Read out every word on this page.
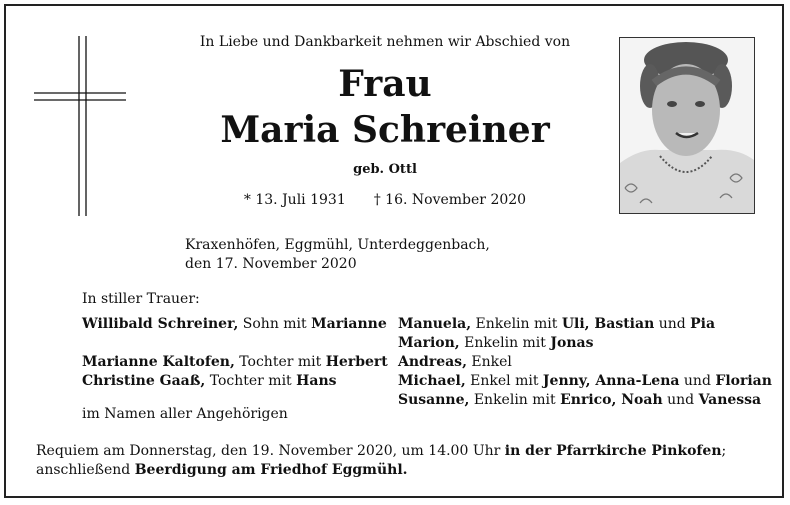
In Liebe und Dankbarkeit nehmen wir Abschied von
Frau
Maria Schreiner
geb. Ottl
* 13. Juli 1931 † 16. November 2020
Kraxenhöfen, Eggmühl, Unterdeggenbach,
den 17. November 2020
In stiller Trauer:
Willibald Schreiner, Sohn mit Marianne
Marianne Kaltofen, Tochter mit Herbert
Christine Gaaß, Tochter mit Hans
Manuela, Enkelin mit Uli, Bastian und Pia
Marion, Enkelin mit Jonas
Andreas, Enkel
Michael, Enkel mit Jenny, Anna-Lena und Florian
Susanne, Enkelin mit Enrico, Noah und Vanessa
im Namen aller Angehörigen
Requiem am Donnerstag, den 19. November 2020, um 14.00 Uhr in der Pfarrkirche Pinkofen;
anschließend Beerdigung am Friedhof Eggmühl.
